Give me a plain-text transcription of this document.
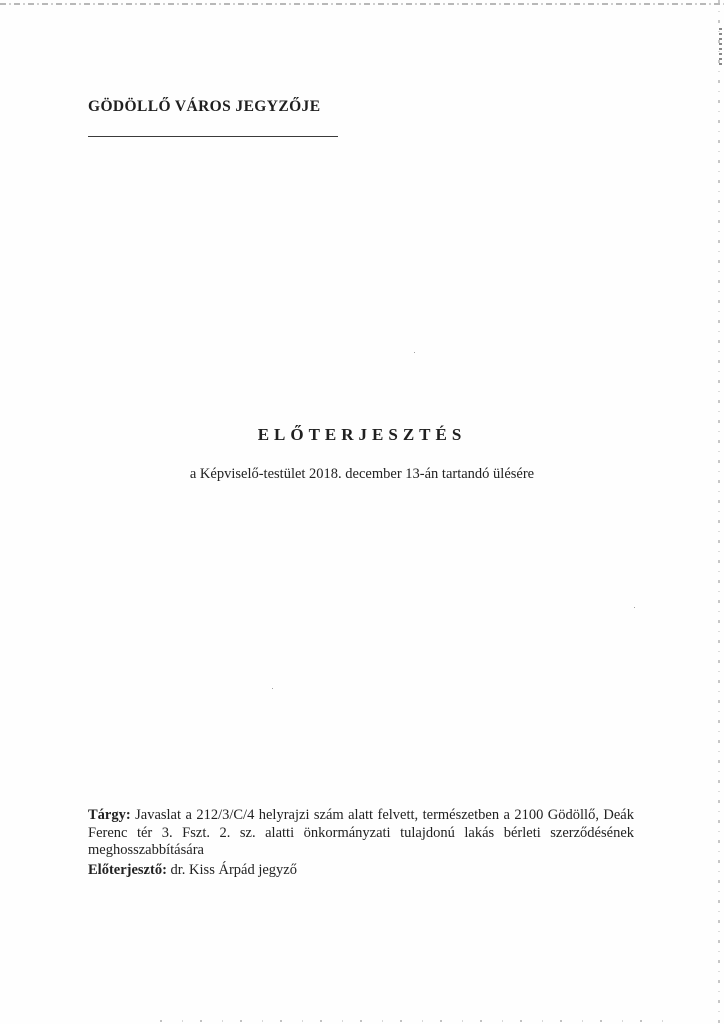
GÖDÖLLŐ VÁROS JEGYZŐJE
ELŐTERJESZTÉS
a Képviselő-testület 2018. december 13-án tartandó ülésére
Tárgy: Javaslat a 212/3/C/4 helyrajzi szám alatt felvett, természetben a 2100 Gödöllő, Deák Ferenc tér 3. Fszt. 2. sz. alatti önkormányzati tulajdonú lakás bérleti szerződésének meghosszabbítására
Előterjesztő: dr. Kiss Árpád jegyző
